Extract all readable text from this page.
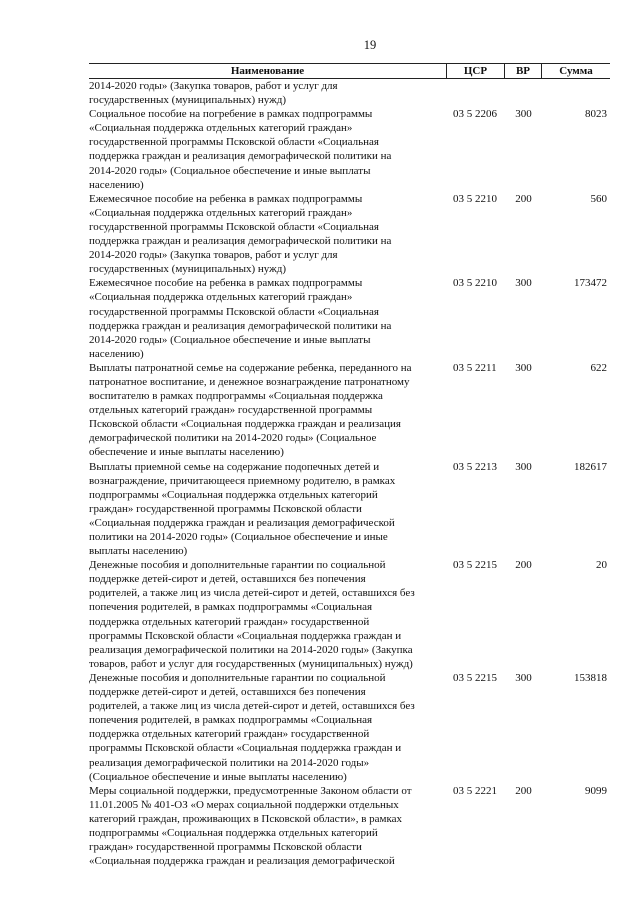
19
Наименование	ЦСР	ВР	Сумма
2014-2020 годы» (Закупка товаров, работ и услуг для
государственных (муниципальных) нужд)
Социальное пособие на погребение в рамках подпрограммы
«Социальная поддержка отдельных категорий граждан»
государственной программы Псковской области «Социальная
поддержка граждан и реализация демографической политики на
2014-2020 годы» (Социальное обеспечение и иные выплаты
населению)
03 5 2206	300	8023
Ежемесячное пособие на ребенка в рамках подпрограммы
«Социальная поддержка отдельных категорий граждан»
государственной программы Псковской области «Социальная
поддержка граждан и реализация демографической политики на
2014-2020 годы» (Закупка товаров, работ и услуг для
государственных (муниципальных) нужд)
03 5 2210	200	560
Ежемесячное пособие на ребенка в рамках подпрограммы
«Социальная поддержка отдельных категорий граждан»
государственной программы Псковской области «Социальная
поддержка граждан и реализация демографической политики на
2014-2020 годы» (Социальное обеспечение и иные выплаты
населению)
03 5 2210	300	173472
Выплаты патронатной семье на содержание ребенка, переданного на
патронатное воспитание, и денежное вознаграждение патронатному
воспитателю в рамках подпрограммы «Социальная поддержка
отдельных категорий граждан» государственной программы
Псковской области «Социальная поддержка граждан и реализация
демографической политики на 2014-2020 годы» (Социальное
обеспечение и иные выплаты населению)
03 5 2211	300	622
Выплаты приемной семье на содержание подопечных детей и
вознаграждение, причитающееся приемному родителю, в рамках
подпрограммы «Социальная поддержка отдельных категорий
граждан» государственной программы Псковской области
«Социальная поддержка граждан и реализация демографической
политики на 2014-2020 годы» (Социальное обеспечение и иные
выплаты населению)
03 5 2213	300	182617
Денежные пособия и дополнительные гарантии по социальной
поддержке детей-сирот и детей, оставшихся без попечения
родителей, а также лиц из числа детей-сирот и детей, оставшихся без
попечения родителей, в рамках подпрограммы «Социальная
поддержка отдельных категорий граждан» государственной
программы Псковской области «Социальная поддержка граждан и
реализация демографической политики на 2014-2020 годы» (Закупка
товаров, работ и услуг для государственных (муниципальных) нужд)
03 5 2215	200	20
Денежные пособия и дополнительные гарантии по социальной
поддержке детей-сирот и детей, оставшихся без попечения
родителей, а также лиц из числа детей-сирот и детей, оставшихся без
попечения родителей, в рамках подпрограммы «Социальная
поддержка отдельных категорий граждан» государственной
программы Псковской области «Социальная поддержка граждан и
реализация демографической политики на 2014-2020 годы»
(Социальное обеспечение и иные выплаты населению)
03 5 2215	300	153818
Меры социальной поддержки, предусмотренные Законом области от
11.01.2005 № 401-ОЗ «О мерах социальной поддержки отдельных
категорий граждан, проживающих в Псковской области», в рамках
подпрограммы «Социальная поддержка отдельных категорий
граждан» государственной программы Псковской области
«Социальная поддержка граждан и реализация демографической
03 5 2221	200	9099
